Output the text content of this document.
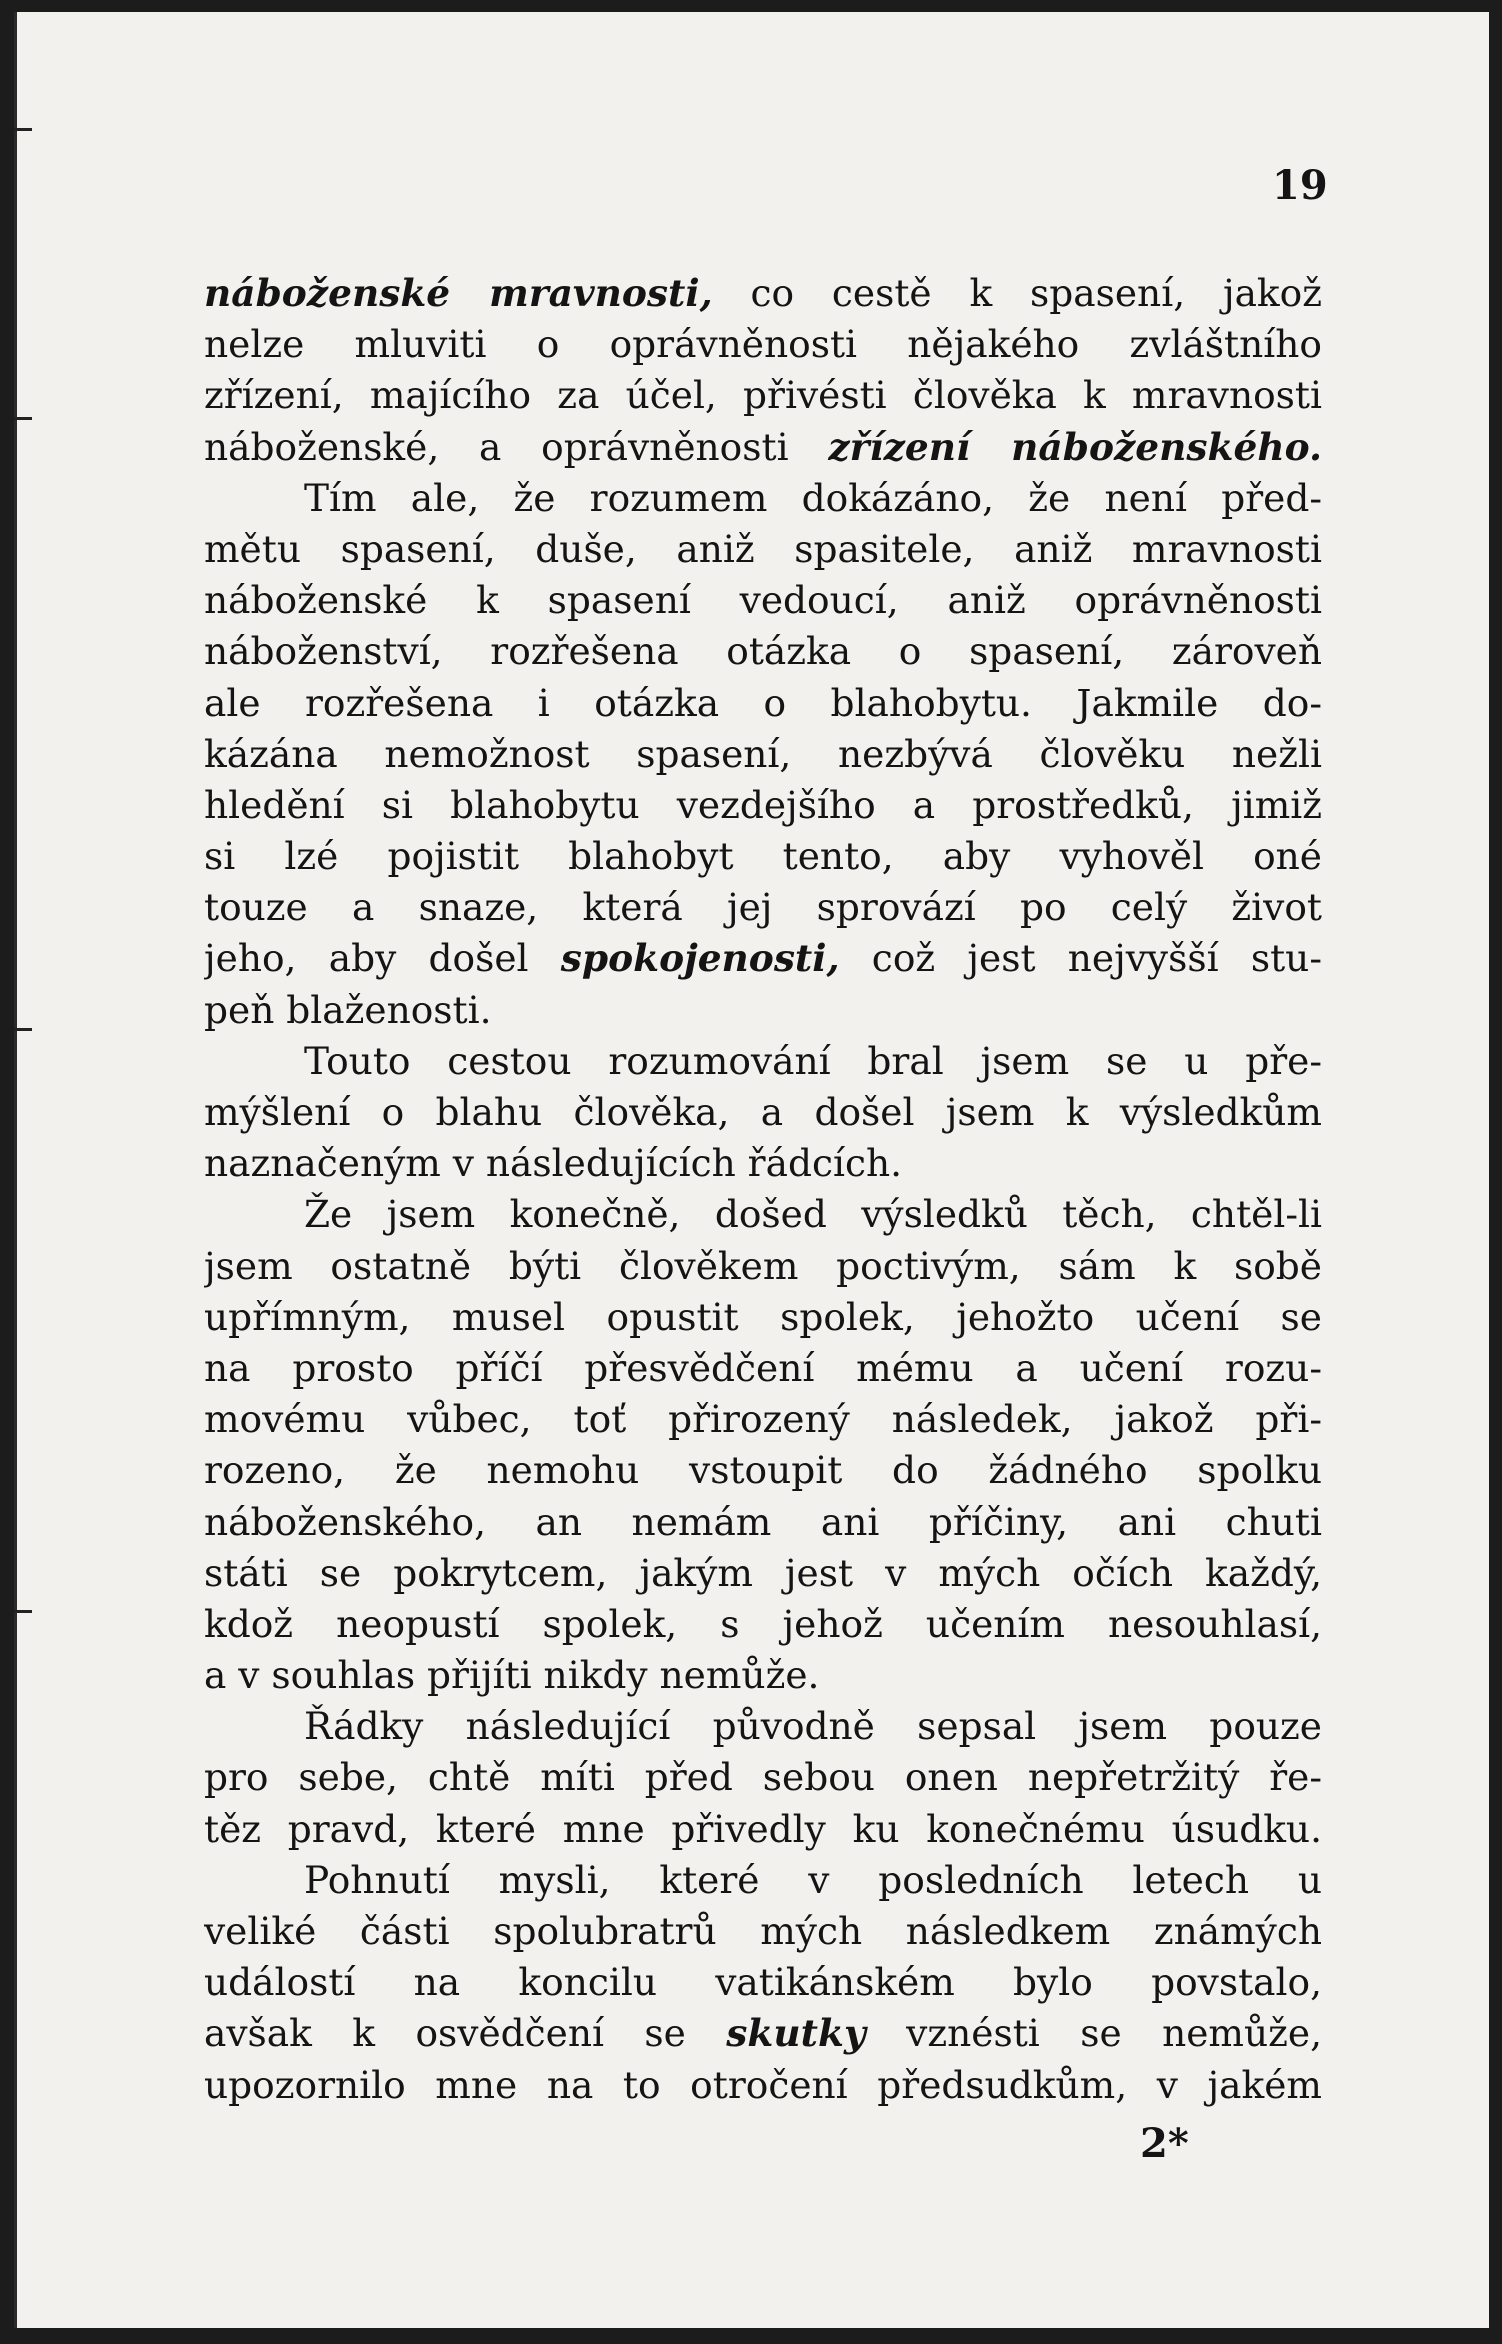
19
náboženské mravnosti, co cestě k spasení, jakož
nelze mluviti o oprávněnosti nějakého zvláštního
zřízení, majícího za účel, přivésti člověka k mravnosti
náboženské, a oprávněnosti zřízení náboženského.
Tím ale, že rozumem dokázáno, že není před-
mětu spasení, duše, aniž spasitele, aniž mravnosti
náboženské k spasení vedoucí, aniž oprávněnosti
náboženství, rozřešena otázka o spasení, zároveň
ale rozřešena i otázka o blahobytu. Jakmile do-
kázána nemožnost spasení, nezbývá člověku nežli
hledění si blahobytu vezdejšího a prostředků, jimiž
si lzé pojistit blahobyt tento, aby vyhověl oné
touze a snaze, která jej sprovází po celý život
jeho, aby došel spokojenosti, což jest nejvyšší stu-
peň blaženosti.
Touto cestou rozumování bral jsem se u pře-
mýšlení o blahu člověka, a došel jsem k výsledkům
naznačeným v následujících řádcích.
Že jsem konečně, došed výsledků těch, chtěl-li
jsem ostatně býti člověkem poctivým, sám k sobě
upřímným, musel opustit spolek, jehožto učení se
na prosto příčí přesvědčení mému a učení rozu-
movému vůbec, toť přirozený následek, jakož při-
rozeno, že nemohu vstoupit do žádného spolku
náboženského, an nemám ani příčiny, ani chuti
státi se pokrytcem, jakým jest v mých očích každý,
kdož neopustí spolek, s jehož učením nesouhlasí,
a v souhlas přijíti nikdy nemůže.
Řádky následující původně sepsal jsem pouze
pro sebe, chtě míti před sebou onen nepřetržitý ře-
těz pravd, které mne přivedly ku konečnému úsudku.
Pohnutí mysli, které v posledních letech u
veliké části spolubratrů mých následkem známých
událostí na koncilu vatikánském bylo povstalo,
avšak k osvědčení se skutky vznésti se nemůže,
upozornilo mne na to otročení předsudkům, v jakém
2*
